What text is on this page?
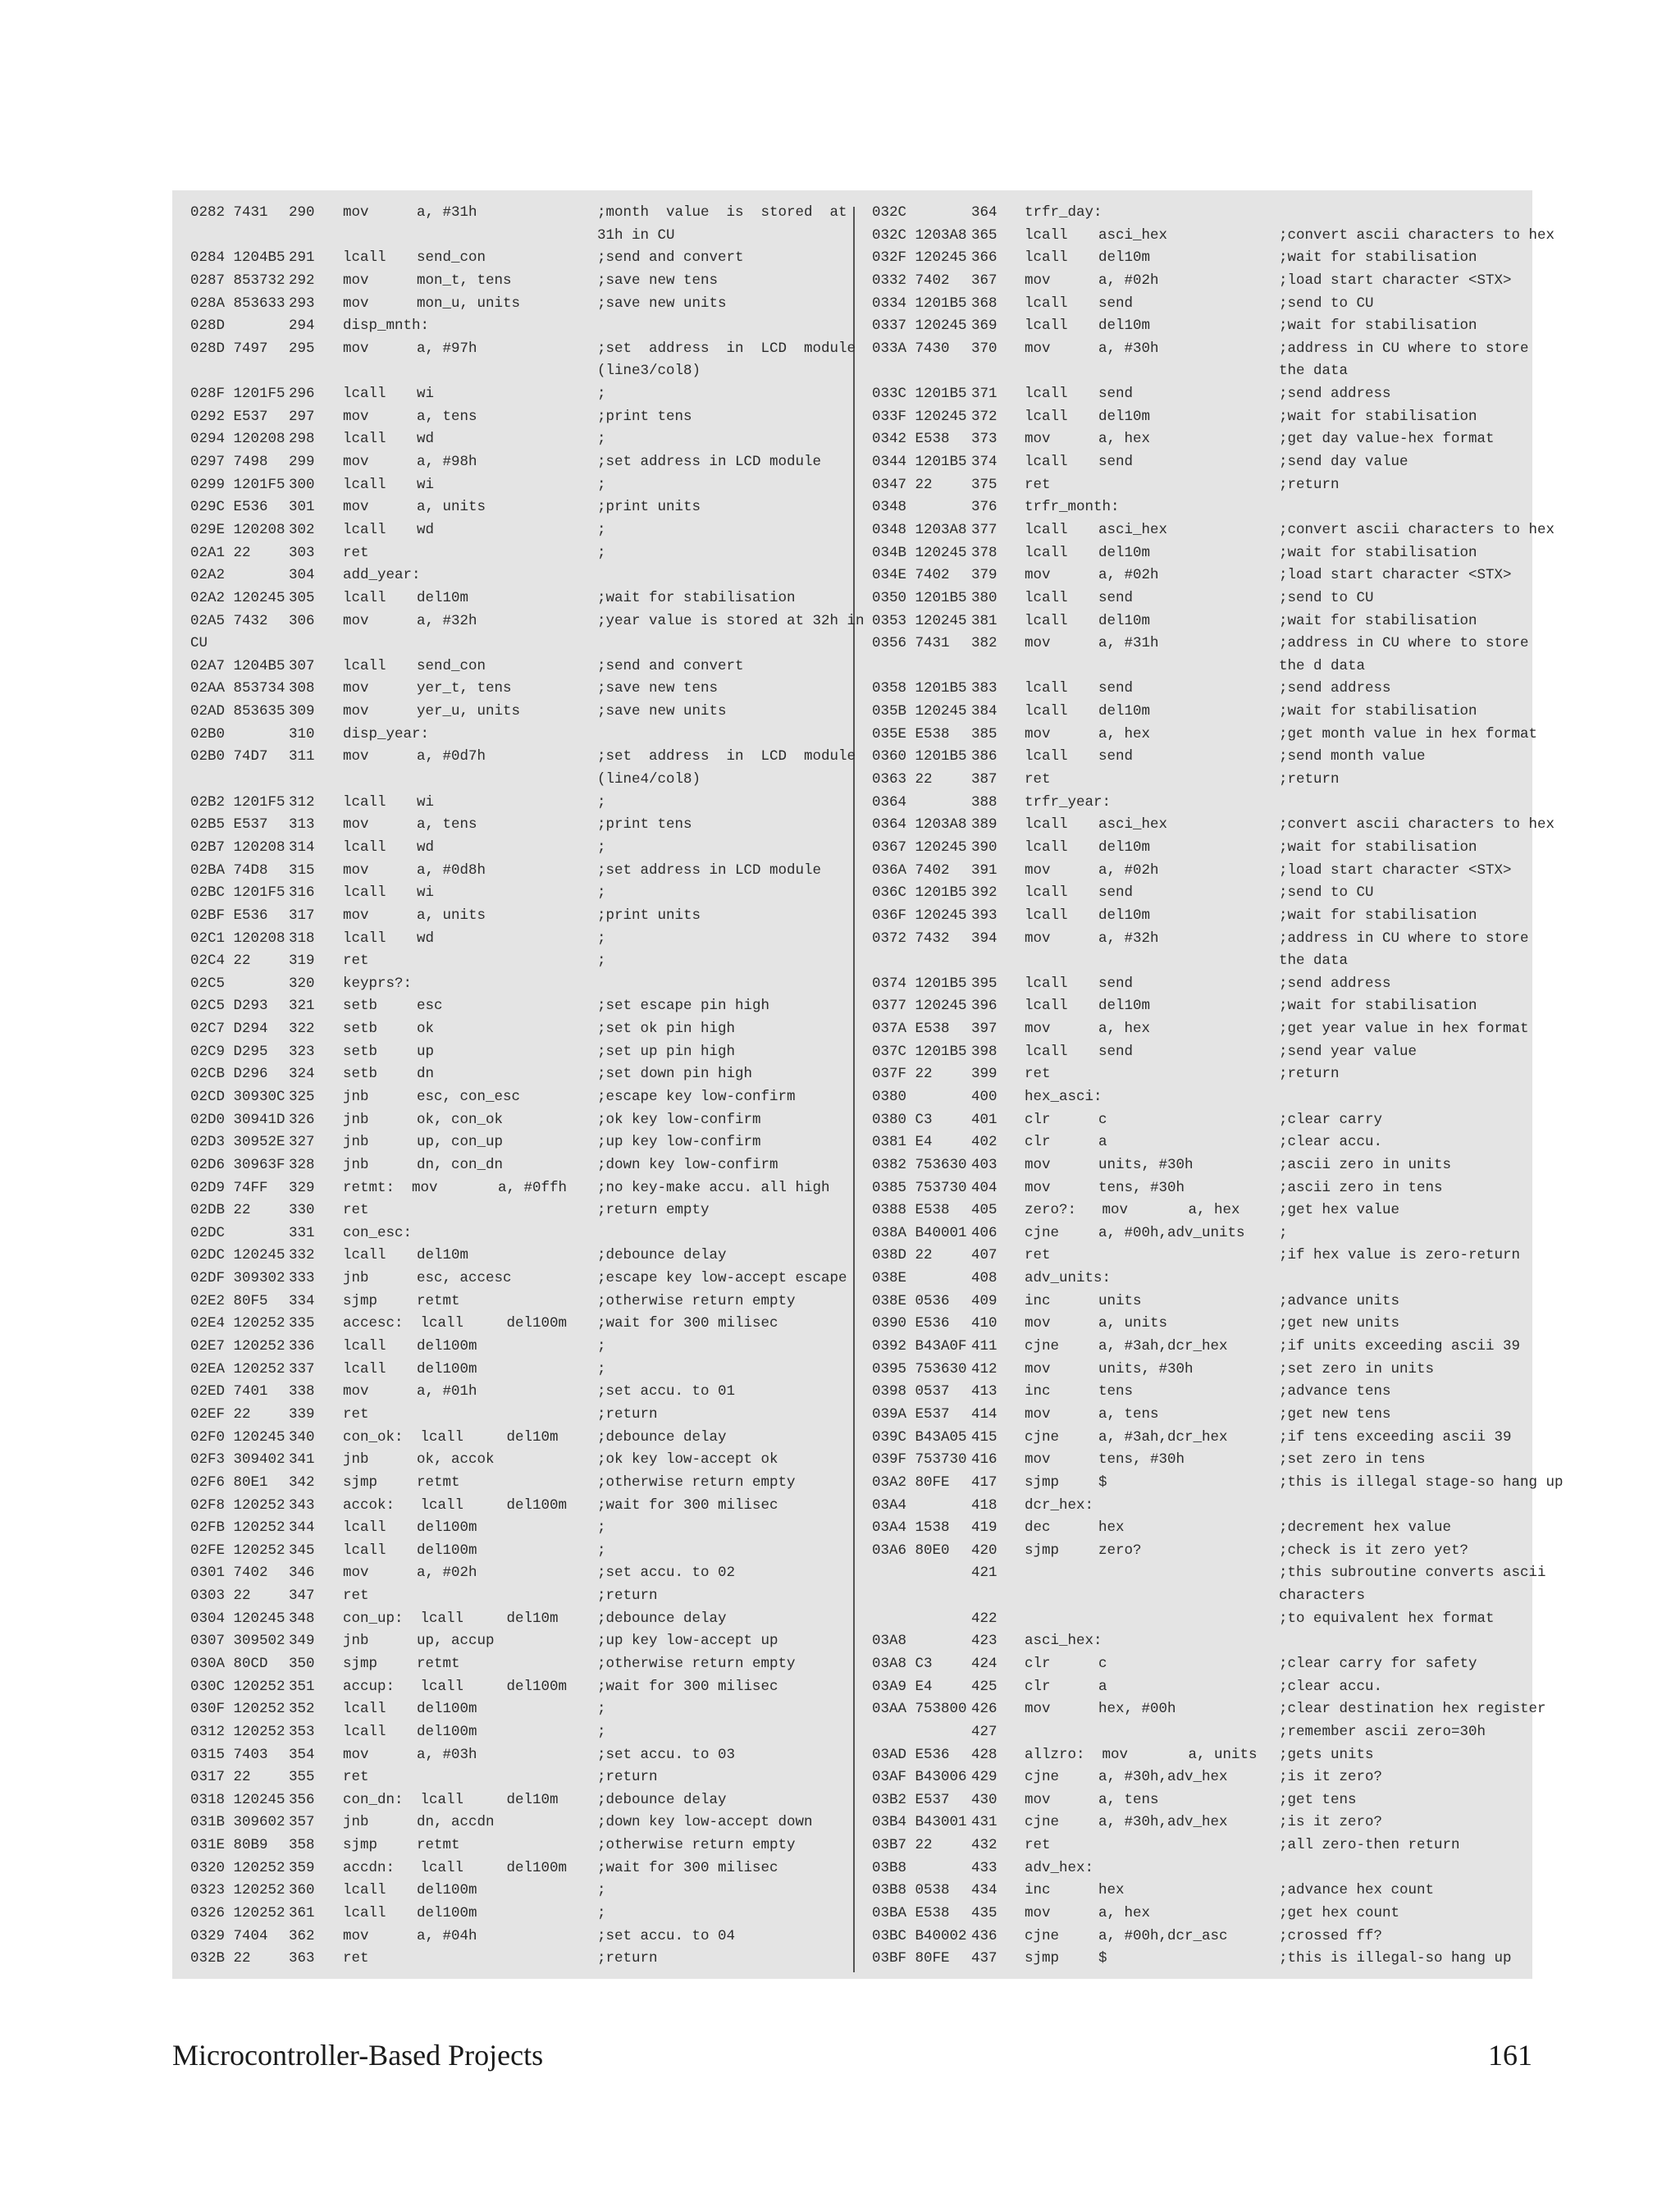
0282 7431 290 mov	a, #31h	;month  value  is  stored  at
31h in CU
0284 1204B5 291 lcall send_con	;send and convert
0287 853732 292 mov	mon_t, tens	;save new tens
028A 853633 293 mov	mon_u, units	;save new units
028D	294 disp_mnth:
028D 7497 295 mov	a, #97h	;set  address  in  LCD  module
(line3/col8)
028F 1201F5 296 lcall wi	;
0292 E537 297 mov	a, tens	;print tens
0294 120208 298 lcall wd	;
0297 7498 299 mov	a, #98h	;set address in LCD module
0299 1201F5 300 lcall wi	;
029C E536 301 mov	a, units	;print units
029E 120208 302 lcall wd	;
02A1 22	303 ret	;
02A2	304 add_year:
02A2 120245 305 lcall del10m	;wait for stabilisation
02A5 7432 306 mov	a, #32h	;year value is stored at 32h in
CU
02A7 1204B5 307 lcall send_con	;send and convert
02AA 853734 308 mov	yer_t, tens	;save new tens
02AD 853635 309 mov	yer_u, units	;save new units
02B0	310 disp_year:
02B0 74D7 311 mov	a, #0d7h	;set  address  in  LCD  module
(line4/col8)
02B2 1201F5 312 lcall wi	;
02B5 E537 313 mov	a, tens	;print tens
02B7 120208 314 lcall wd	;
02BA 74D8 315 mov	a, #0d8h	;set address in LCD module
02BC 1201F5 316 lcall wi	;
02BF E536 317 mov	a, units	;print units
02C1 120208 318 lcall wd	;
02C4 22	319 ret	;
02C5	320 keyprs?:
02C5 D293 321 setb	esc	;set escape pin high
02C7 D294 322 setb	ok	;set ok pin high
02C9 D295 323 setb	up	;set up pin high
02CB D296 324 setb	dn	;set down pin high
02CD 30930C 325 jnb	esc, con_esc	;escape key low-confirm
02D0 30941D 326 jnb	ok, con_ok	;ok key low-confirm
02D3 30952E 327 jnb	up, con_up	;up key low-confirm
02D6 30963F 328 jnb	dn, con_dn	;down key low-confirm
02D9 74FF 329 retmt:  mov       a, #0ffh ;no key-make accu. all high
02DB 22	330 ret	;return empty
02DC	331 con_esc:
02DC 120245 332 lcall del10m	;debounce delay
02DF 309302 333 jnb	esc, accesc	;escape key low-accept escape
02E2 80F5 334 sjmp	retmt	;otherwise return empty
02E4 120252 335 accesc:  lcall     del100m ;wait for 300 milisec
02E7 120252 336 lcall del100m	;
02EA 120252 337 lcall del100m	;
02ED 7401 338 mov	a, #01h	;set accu. to 01
02EF 22	339 ret	;return
02F0 120245 340 con_ok:  lcall     del10m	;debounce delay
02F3 309402 341 jnb	ok, accok	;ok key low-accept ok
02F6 80E1 342 sjmp	retmt	;otherwise return empty
02F8 120252 343 accok:   lcall     del100m ;wait for 300 milisec
02FB 120252 344 lcall del100m	;
02FE 120252 345 lcall del100m	;
0301 7402 346 mov	a, #02h	;set accu. to 02
0303 22	347 ret	;return
0304 120245 348 con_up:  lcall     del10m	;debounce delay
0307 309502 349 jnb	up, accup	;up key low-accept up
030A 80CD 350 sjmp	retmt	;otherwise return empty
030C 120252 351 accup:   lcall     del100m ;wait for 300 milisec
030F 120252 352 lcall del100m	;
0312 120252 353 lcall del100m	;
0315 7403 354 mov	a, #03h	;set accu. to 03
0317 22	355 ret	;return
0318 120245 356 con_dn:  lcall     del10m	;debounce delay
031B 309602 357 jnb	dn, accdn	;down key low-accept down
031E 80B9 358 sjmp	retmt	;otherwise return empty
0320 120252 359 accdn:   lcall     del100m ;wait for 300 milisec
0323 120252 360 lcall del100m	;
0326 120252 361 lcall del100m	;
0329 7404 362 mov	a, #04h	;set accu. to 04
032B 22	363 ret	;return
032C	364 trfr_day:
032C 1203A8 365 lcall asci_hex	;convert ascii characters to hex
032F 120245 366 lcall del10m	;wait for stabilisation
0332 7402 367 mov	a, #02h	;load start character <STX>
0334 1201B5 368 lcall send	;send to CU
0337 120245 369 lcall del10m	;wait for stabilisation
033A 7430 370 mov	a, #30h	;address in CU where to store
the data
033C 1201B5 371 lcall send	;send address
033F 120245 372 lcall del10m	;wait for stabilisation
0342 E538 373 mov	a, hex	;get day value-hex format
0344 1201B5 374 lcall send	;send day value
0347 22	375 ret	;return
0348	376 trfr_month:
0348 1203A8 377 lcall asci_hex	;convert ascii characters to hex
034B 120245 378 lcall del10m	;wait for stabilisation
034E 7402 379 mov	a, #02h	;load start character <STX>
0350 1201B5 380 lcall send	;send to CU
0353 120245 381 lcall del10m	;wait for stabilisation
0356 7431 382 mov	a, #31h	;address in CU where to store
the d data
0358 1201B5 383 lcall send	;send address
035B 120245 384 lcall del10m	;wait for stabilisation
035E E538 385 mov	a, hex	;get month value in hex format
0360 1201B5 386 lcall send	;send month value
0363 22	387 ret	;return
0364	388 trfr_year:
0364 1203A8 389 lcall asci_hex	;convert ascii characters to hex
0367 120245 390 lcall del10m	;wait for stabilisation
036A 7402 391 mov	a, #02h	;load start character <STX>
036C 1201B5 392 lcall send	;send to CU
036F 120245 393 lcall del10m	;wait for stabilisation
0372 7432 394 mov	a, #32h	;address in CU where to store
the data
0374 1201B5 395 lcall send	;send address
0377 120245 396 lcall del10m	;wait for stabilisation
037A E538 397 mov	a, hex	;get year value in hex format
037C 1201B5 398 lcall send	;send year value
037F 22	399 ret	;return
0380	400 hex_asci:
0380 C3	401 clr	c	;clear carry
0381 E4	402 clr	a	;clear accu.
0382 753630 403 mov	units, #30h	;ascii zero in units
0385 753730 404 mov	tens, #30h	;ascii zero in tens
0388 E538 405 zero?:   mov       a, hex	;get hex value
038A B40001 406 cjne	a, #00h,adv_units ;
038D 22	407 ret	;if hex value is zero-return
038E	408 adv_units:
038E 0536 409 inc	units	;advance units
0390 E536 410 mov	a, units	;get new units
0392 B43A0F 411 cjne	a, #3ah,dcr_hex	;if units exceeding ascii 39
0395 753630 412 mov	units, #30h	;set zero in units
0398 0537 413 inc	tens	;advance tens
039A E537 414 mov	a, tens	;get new tens
039C B43A05 415 cjne	a, #3ah,dcr_hex	;if tens exceeding ascii 39
039F 753730 416 mov	tens, #30h	;set zero in tens
03A2 80FE 417 sjmp	$	;this is illegal stage-so hang up
03A4	418 dcr_hex:
03A4 1538 419 dec	hex	;decrement hex value
03A6 80E0 420 sjmp	zero?	;check is it zero yet?
421	;this subroutine converts ascii
characters
422	;to equivalent hex format
03A8	423 asci_hex:
03A8 C3	424 clr	c	;clear carry for safety
03A9 E4	425 clr	a	;clear accu.
03AA 753800 426 mov	hex, #00h	;clear destination hex register
427	;remember ascii zero=30h
03AD E536 428 allzro:  mov       a, units ;gets units
03AF B43006 429 cjne	a, #30h,adv_hex	;is it zero?
03B2 E537 430 mov	a, tens	;get tens
03B4 B43001 431 cjne	a, #30h,adv_hex	;is it zero?
03B7 22	432 ret	;all zero-then return
03B8	433 adv_hex:
03B8 0538 434 inc	hex	;advance hex count
03BA E538 435 mov	a, hex	;get hex count
03BC B40002 436 cjne	a, #00h,dcr_asc	;crossed ff?
03BF 80FE 437 sjmp	$	;this is illegal-so hang up
Microcontroller-Based Projects	161
